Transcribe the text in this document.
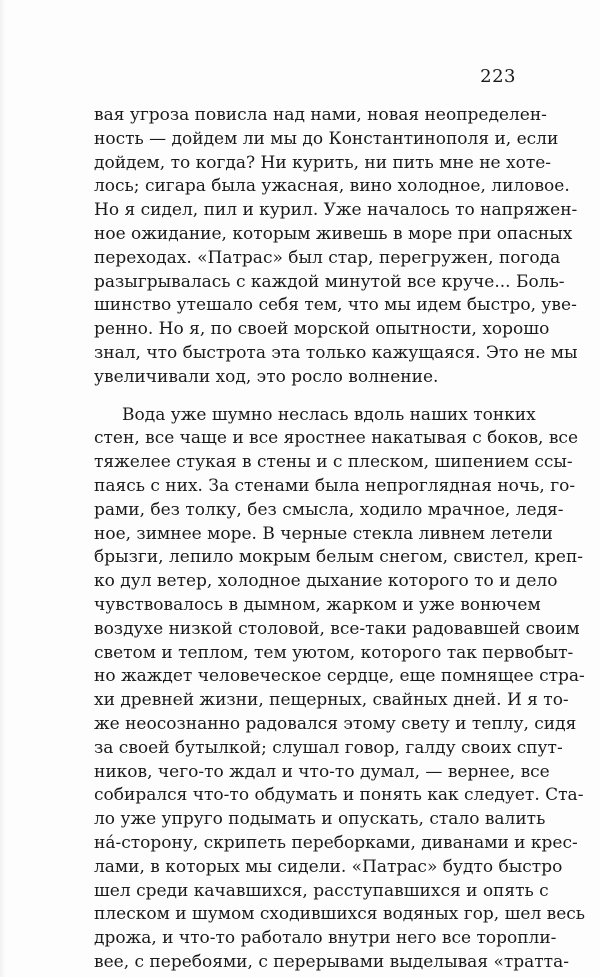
223
вая угроза повисла над нами, новая неопределен-
ность — дойдем ли мы до Константинополя и, если
дойдем, то когда? Ни курить, ни пить мне не хоте-
лось; сигара была ужасная, вино холодное, лиловое.
Но я сидел, пил и курил. Уже началось то напряжен-
ное ожидание, которым живешь в море при опасных
переходах. «Патрас» был стар, перегружен, погода
разыгрывалась с каждой минутой все круче... Боль-
шинство утешало себя тем, что мы идем быстро, уве-
ренно. Но я, по своей морской опытности, хорошо
знал, что быстрота эта только кажущаяся. Это не мы
увеличивали ход, это росло волнение.
Вода уже шумно неслась вдоль наших тонких
стен, все чаще и все яростнее накатывая с боков, все
тяжелее стукая в стены и с плеском, шипением ссы-
паясь с них. За стенами была непроглядная ночь, го-
рами, без толку, без смысла, ходило мрачное, ледя-
ное, зимнее море. В черные стекла ливнем летели
брызги, лепило мокрым белым снегом, свистел, креп-
ко дул ветер, холодное дыхание которого то и дело
чувствовалось в дымном, жарком и уже вонючем
воздухе низкой столовой, все-таки радовавшей своим
светом и теплом, тем уютом, которого так первобыт-
но жаждет человеческое сердце, еще помнящее стра-
хи древней жизни, пещерных, свайных дней. И я то-
же неосознанно радовался этому свету и теплу, сидя
за своей бутылкой; слушал говор, галду своих спут-
ников, чего-то ждал и что-то думал, — вернее, все
собирался что-то обдумать и понять как следует. Ста-
ло уже упруго подымать и опускать, стало валить
на́-сторону, скрипеть переборками, диванами и крес-
лами, в которых мы сидели. «Патрас» будто быстро
шел среди качавшихся, расступавшихся и опять с
плеском и шумом сходившихся водяных гор, шел весь
дрожа, и что-то работало внутри него все торопли-
вее, с перебоями, с перерывами выделывая «тратта-
